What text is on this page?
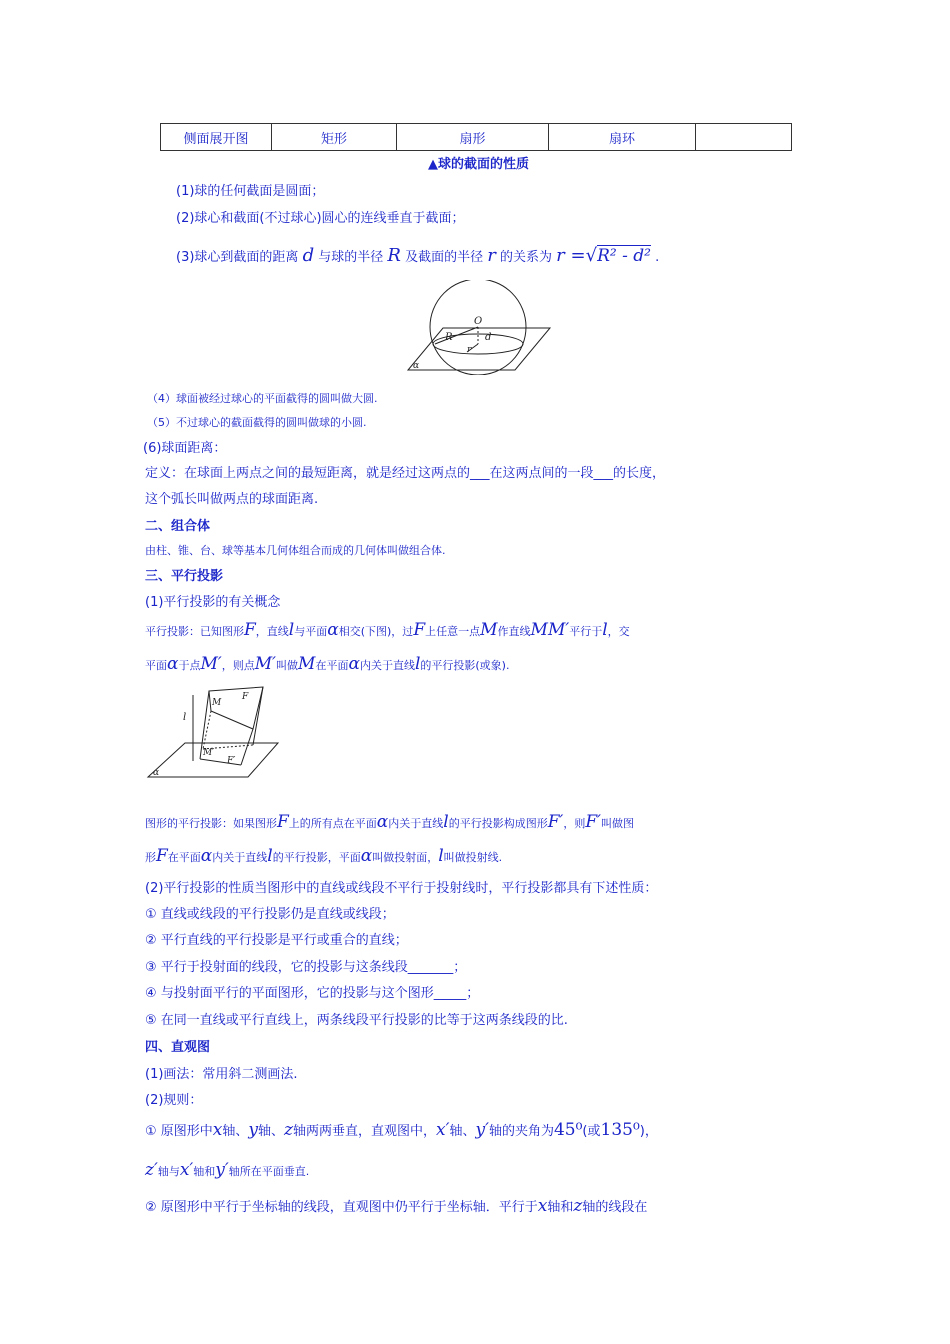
侧面展开图	矩形	扇形	扇环	
▲球的截面的性质
(1)球的任何截面是圆面；
(2)球心和截面(不过球心)圆心的连线垂直于截面；
(3)球心到截面的距离 d 与球的半径 R 及截面的半径 r 的关系为 r =√R² - d² .
O
R	d
r
α
（4）球面被经过球心的平面截得的圆叫做大圆.
（5）不过球心的截面截得的圆叫做球的小圆.
(6)球面距离：
定义：在球面上两点之间的最短距离，就是经过这两点的___在这两点间的一段___的长度，
这个弧长叫做两点的球面距离.
二、组合体
由柱、锥、台、球等基本几何体组合而成的几何体叫做组合体.
三、平行投影
(1)平行投影的有关概念
平行投影：已知图形F，直线l与平面α相交(下图)，过F上任意一点M作直线MM′平行于l，交
平面α于点M′，则点M′叫做M在平面α内关于直线l的平行投影(或象).
l
M
F
M′
F′
α
图形的平行投影：如果图形F上的所有点在平面α内关于直线l的平行投影构成图形F′，则F′叫做图
形F在平面α内关于直线l的平行投影，平面α叫做投射面，l叫做投射线.
(2)平行投影的性质当图形中的直线或线段不平行于投射线时，平行投影都具有下述性质：
① 直线或线段的平行投影仍是直线或线段；
② 平行直线的平行投影是平行或重合的直线；
③ 平行于投射面的线段，它的投影与这条线段_______；
④ 与投射面平行的平面图形，它的投影与这个图形_____；
⑤ 在同一直线或平行直线上，两条线段平行投影的比等于这两条线段的比.
四、直观图
(1)画法：常用斜二测画法.
(2)规则：
① 原图形中x轴、y轴、z轴两两垂直，直观图中，x′轴、y′轴的夹角为45⁰(或135⁰)，
z′轴与x′轴和y′轴所在平面垂直.
② 原图形中平行于坐标轴的线段，直观图中仍平行于坐标轴．平行于x轴和z轴的线段在
